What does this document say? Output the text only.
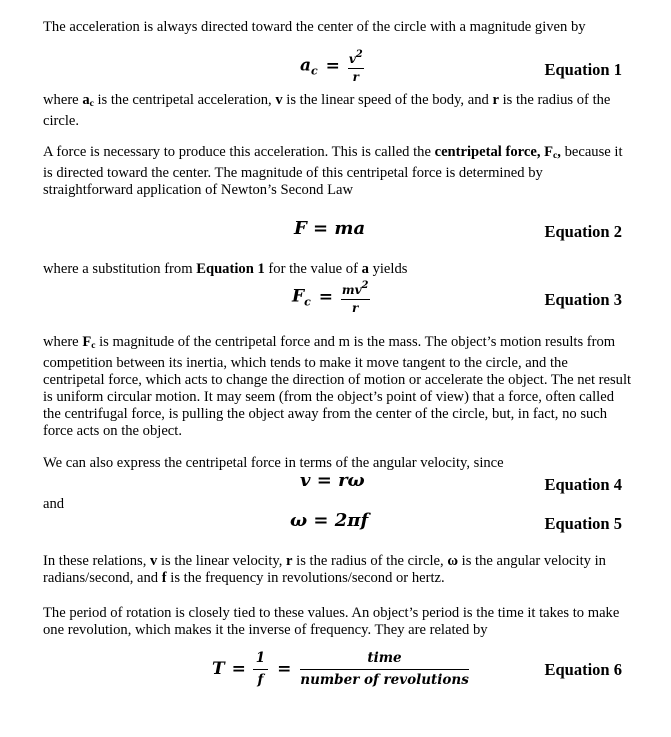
The acceleration is always directed toward the center of the circle with a magnitude given by

$a_c = \frac{v^2}{r}$	Equation 1

where $a_c$ is the centripetal acceleration, v is the linear speed of the body, and r is the radius of the circle.

A force is necessary to produce this acceleration. This is called the centripetal force, $F_c$, because it is directed toward the center. The magnitude of this centripetal force is determined by straightforward application of Newton’s Second Law

F = ma	Equation 2

where a substitution from Equation 1 for the value of a yields

$F_c = \frac{mv^2}{r}$	Equation 3

where $F_c$ is magnitude of the centripetal force and m is the mass. The object’s motion results from competition between its inertia, which tends to make it move tangent to the circle, and the centripetal force, which acts to change the direction of motion or accelerate the object. The net result is uniform circular motion. It may seem (from the object’s point of view) that a force, often called the centrifugal force, is pulling the object away from the center of the circle, but, in fact, no such force acts on the object.

We can also express the centripetal force in terms of the angular velocity, since

v = rω	Equation 4

and

ω = 2πf	Equation 5

In these relations, v is the linear velocity, r is the radius of the circle, ω is the angular velocity in radians/second, and f is the frequency in revolutions/second or hertz.

The period of rotation is closely tied to these values. An object’s period is the time it takes to make one revolution, which makes it the inverse of frequency. They are related by

$T = \frac{1}{f} = \frac{\text{time}}{\text{number of revolutions}}$	Equation 6
